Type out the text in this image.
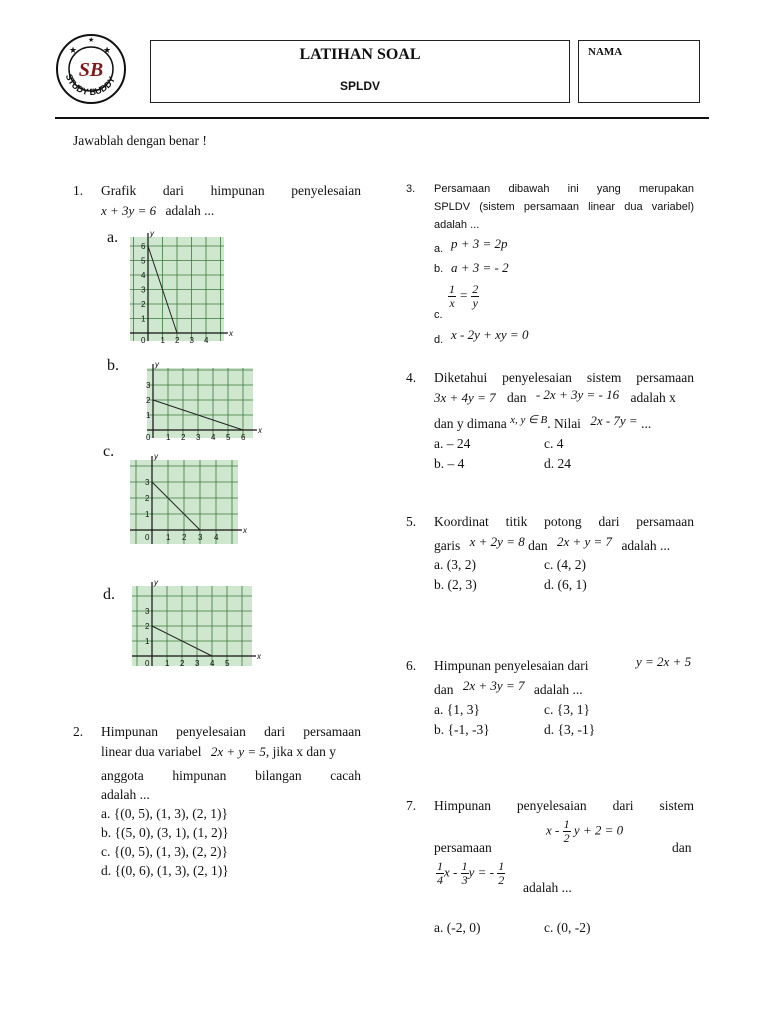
STUDY BUDDY
★	★
★
SB
LATIHAN SOAL
SPLDV
NAMA
Jawablah dengan benar !
1. Grafik dari himpunan penyelesaian
x + 3y = 6 adalah ...
a.
x
y
0 1 2 3 4
1
2
3
4
5
6
b.
x
y
0 1 2 3 4 5 6
1
2
3
c.
x
y
0 1 2 3 4
1
2
3
d.
x
y
0 1 2 3 4 5
1
2
3
2. Himpunan penyelesaian dari persamaan
linear dua variabel 2x + y = 5, jika x dan y
anggota himpunan bilangan cacah
adalah ...
a. {(0, 5), (1, 3), (2, 1)}
b. {(5, 0), (3, 1), (1, 2)}
c. {(0, 5), (1, 3), (2, 2)}
d. {(0, 6), (1, 3), (2, 1)}
3. Persamaan dibawah ini yang merupakan
SPLDV (sistem persamaan linear dua variabel)
adalah ...
a. p + 3 = 2p
b. a + 3 = - 2
$\frac{1}{x} = \frac{2}{y}$
c.
d. x - 2y + xy = 0
4. Diketahui penyelesaian sistem persamaan
3x + 4y = 7 dan - 2x + 3y = - 16 adalah x
dan y dimana $^{x, y \in B}$. Nilai 2x - 7y = ...
a. – 24	c. 4
b. – 4	d. 24
5. Koordinat titik potong dari persamaan
garis x + 2y = 8 dan 2x + y = 7 adalah ...
a. (3, 2)	c. (4, 2)
b. (2, 3)	d. (6, 1)
6. Himpunan penyelesaian dari	y = 2x + 5
dan 2x + 3y = 7 adalah ...
a. {1, 3}	c. {3, 1}
b. {-1, -3}	d. {3, -1}
7. Himpunan penyelesaian dari sistem
x - $\frac{1}{2}$ y + 2 = 0
persamaan	dan
$\frac{1}{4}$ x - $\frac{1}{3}$ y = - $\frac{1}{2}$
adalah ...
a. (-2, 0)	c. (0, -2)
